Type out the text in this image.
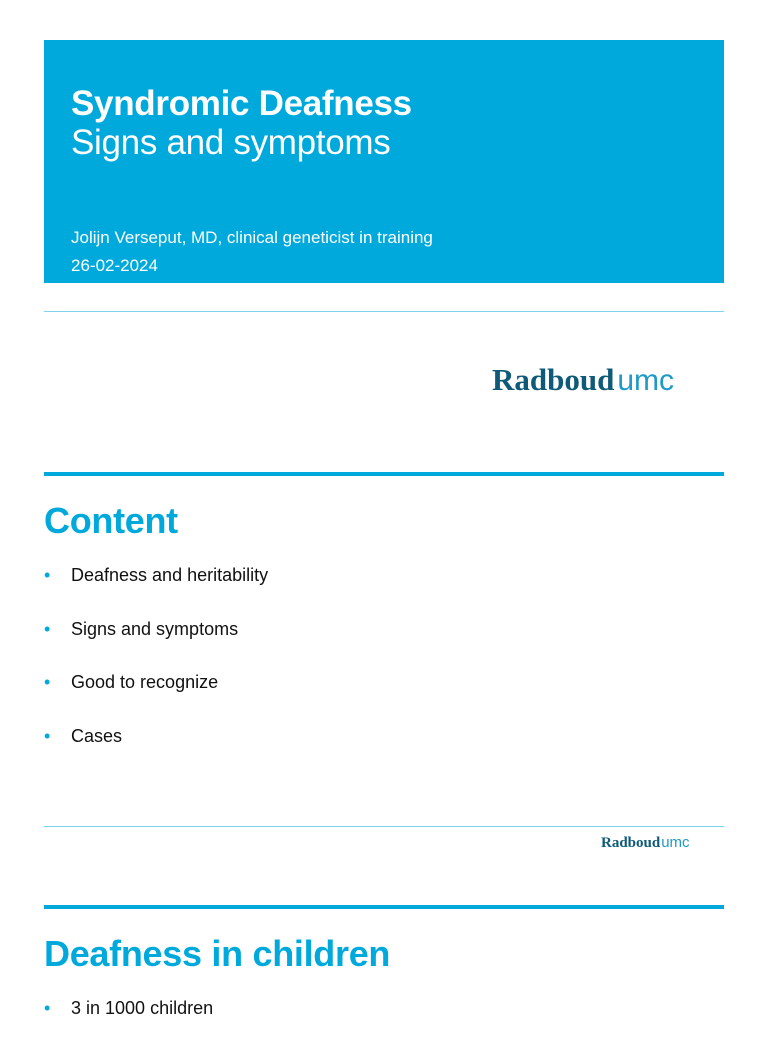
Syndromic Deafness
Signs and symptoms
Jolijn Verseput, MD, clinical geneticist in training
26-02-2024
Radboud umc
Content
• Deafness and heritability
• Signs and symptoms
• Good to recognize
• Cases
Radboudumc
Deafness in children
• 3 in 1000 children
